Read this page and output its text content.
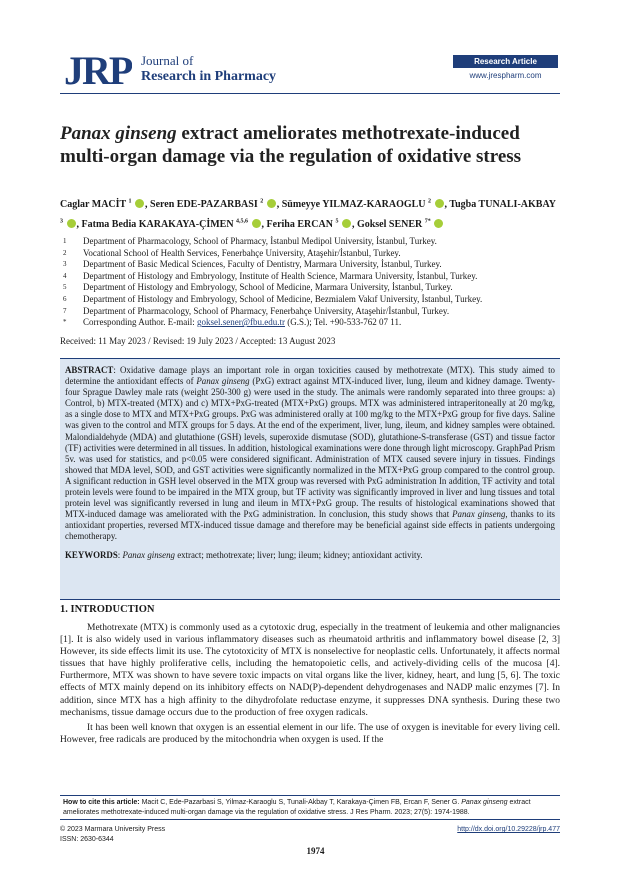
JRP Journal of
Research in Pharmacy
Research Article
www.jrespharm.com
Panax ginseng extract ameliorates methotrexate-induced multi-organ damage via the regulation of oxidative stress
Caglar MACİT $^1$ , Seren EDE-PAZARBASI $^2$ , Sümeyye YILMAZ-KARAOGLU $^2$ , Tugba TUNALI-AKBAY $^3$ , Fatma Bedia KARAKAYA-ÇİMEN $^{4,5,6}$ , Feriha ERCAN $^5$ , Goksel SENER $^{7*}$
1	Department of Pharmacology, School of Pharmacy, İstanbul Medipol University, İstanbul, Turkey.
2	Vocational School of Health Services, Fenerbahçe University, Ataşehir/İstanbul, Turkey.
3	Department of Basic Medical Sciences, Faculty of Dentistry, Marmara University, İstanbul, Turkey.
4	Department of Histology and Embryology, Institute of Health Science, Marmara University, İstanbul, Turkey.
5	Department of Histology and Embryology, School of Medicine, Marmara University, İstanbul, Turkey.
6	Department of Histology and Embryology, School of Medicine, Bezmialem Vakıf University, İstanbul, Turkey.
7	Department of Pharmacology, School of Pharmacy, Fenerbahçe University, Ataşehir/İstanbul, Turkey.
*	Corresponding Author. E-mail: goksel.sener@fbu.edu.tr (G.S.); Tel. +90-533-762 07 11.
Received: 11 May 2023 / Revised: 19 July 2023 / Accepted: 13 August 2023

ABSTRACT: Oxidative damage plays an important role in organ toxicities caused by methotrexate (MTX). This study aimed to determine the antioxidant effects of Panax ginseng (PxG) extract against MTX-induced liver, lung, ileum and kidney damage. Twenty-four Sprague Dawley male rats (weight 250-300 g) were used in the study. The animals were randomly separated into three groups: a) Control, b) MTX-treated (MTX) and c) MTX+PxG-treated (MTX+PxG) groups. MTX was administered intraperitoneally at 20 mg/kg, as a single dose to MTX and MTX+PxG groups. PxG was administered orally at 100 mg/kg to the MTX+PxG group for five days. Saline was given to the control and MTX groups for 5 days. At the end of the experiment, liver, lung, ileum, and kidney samples were obtained. Malondialdehyde (MDA) and glutathione (GSH) levels, superoxide dismutase (SOD), glutathione-S-transferase (GST) and tissue factor (TF) activities were determined in all tissues. In addition, histological examinations were done through light microscopy. GraphPad Prism 5v. was used for statistics, and p<0.05 were considered significant. Administration of MTX caused severe injury in tissues. Findings showed that MDA level, SOD, and GST activities were significantly normalized in the MTX+PxG group compared to the control group. A significant reduction in GSH level observed in the MTX group was reversed with PxG administration In addition, TF activity and total protein levels were found to be impaired in the MTX group, but TF activity was significantly improved in liver and lung tissues and total protein level was significantly reversed in lung and ileum in MTX+PxG group. The results of histological examinations showed that MTX-induced damage was ameliorated with the PxG administration. In conclusion, this study shows that Panax ginseng, thanks to its antioxidant properties, reversed MTX-induced tissue damage and therefore may be beneficial against side effects in patients undergoing chemotherapy.

KEYWORDS: Panax ginseng extract; methotrexate; liver; lung; ileum; kidney; antioxidant activity.

1. INTRODUCTION

Methotrexate (MTX) is commonly used as a cytotoxic drug, especially in the treatment of leukemia and other malignancies [1]. It is also widely used in various inflammatory diseases such as rheumatoid arthritis and inflammatory bowel disease [2, 3] However, its side effects limit its use. The cytotoxicity of MTX is nonselective for neoplastic cells. Unfortunately, it affects normal tissues that have highly proliferative cells, including the hematopoietic cells, and actively-dividing cells of the mucosa [4]. Furthermore, MTX was shown to have severe toxic impacts on vital organs like the liver, kidney, heart, and lung [5, 6]. The toxic effects of MTX mainly depend on its inhibitory effects on NAD(P)-dependent dehydrogenases and NADP malic enzymes [7]. In addition, since MTX has a high affinity to the dihydrofolate reductase enzyme, it suppresses DNA synthesis. During these two mechanisms, tissue damage occurs due to the production of free oxygen radicals.

It has been well known that oxygen is an essential element in our life. The use of oxygen is inevitable for every living cell. However, free radicals are produced by the mitochondria when oxygen is used. If the

How to cite this article: Macit C, Ede-Pazarbasi S, Yilmaz-Karaoglu S, Tunali-Akbay T, Karakaya-Çimen FB, Ercan F, Sener G. Panax ginseng extract ameliorates methotrexate-induced multi-organ damage via the regulation of oxidative stress. J Res Pharm. 2023; 27(5): 1974-1988.
© 2023 Marmara University Press
ISSN: 2630-6344
http://dx.doi.org/10.29228/jrp.477
1974
